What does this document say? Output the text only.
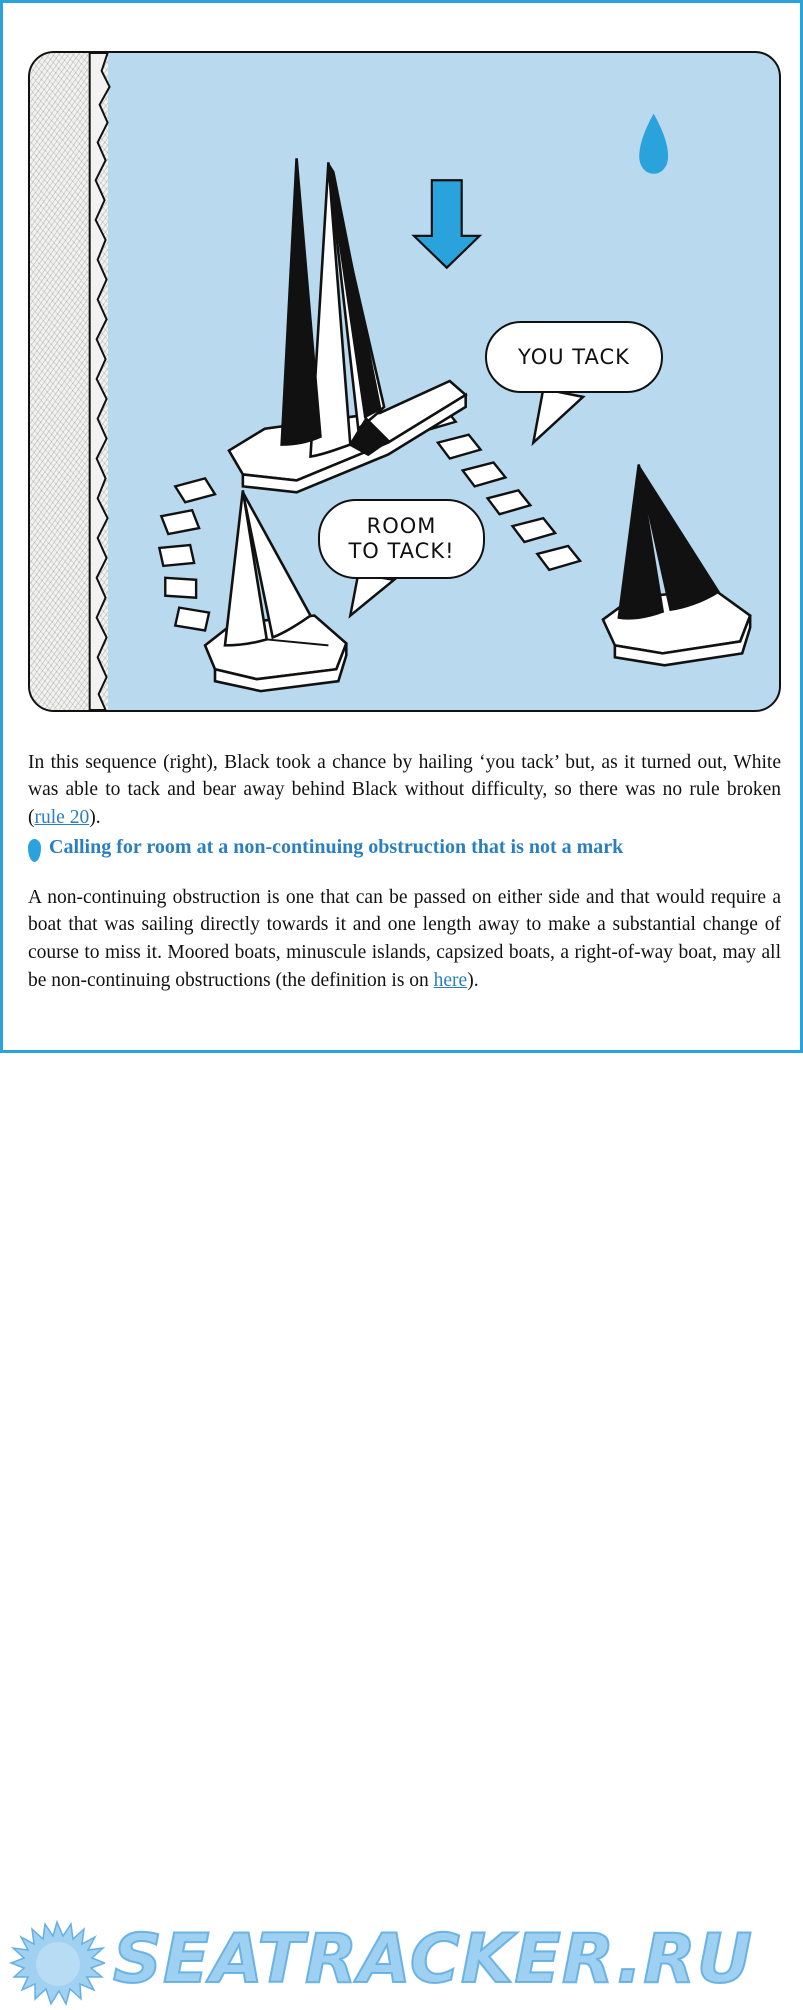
YOU TACK
ROOM
TO TACK!

In this sequence (right), Black took a chance by hailing ‘you tack’ but, as it turned out, White was able to tack and bear away behind Black without difficulty, so there was no rule broken (rule 20).

Calling for room at a non-continuing obstruction that is not a mark

A non-continuing obstruction is one that can be passed on either side and that would require a boat that was sailing directly towards it and one length away to make a substantial change of course to miss it. Moored boats, minuscule islands, capsized boats, a right-of-way boat, may all be non-continuing obstructions (the definition is on here).

SEATRACKER.RU
